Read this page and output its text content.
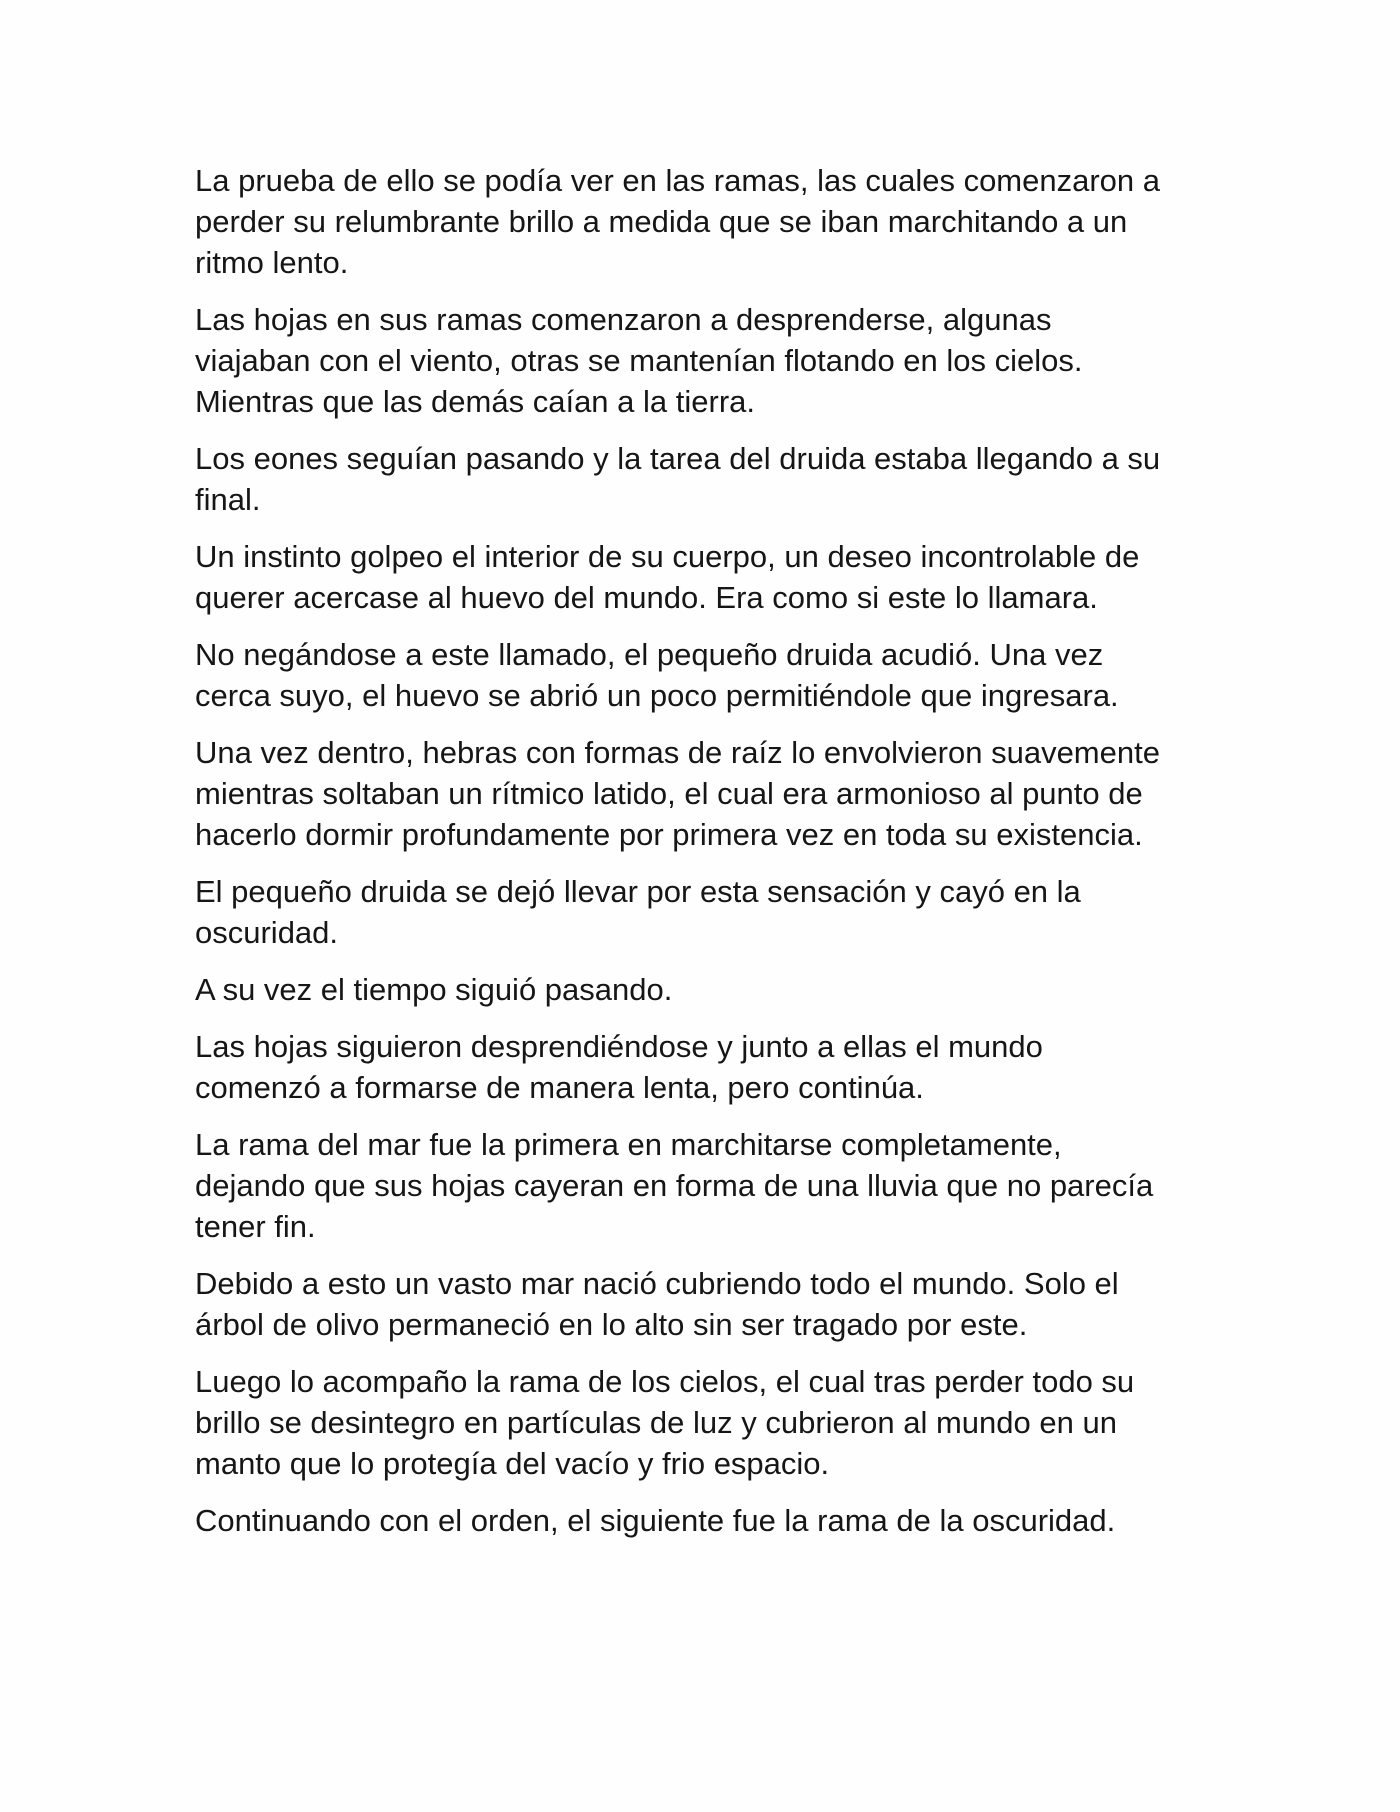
La prueba de ello se podía ver en las ramas, las cuales comenzaron a
perder su relumbrante brillo a medida que se iban marchitando a un
ritmo lento.

Las hojas en sus ramas comenzaron a desprenderse, algunas
viajaban con el viento, otras se mantenían flotando en los cielos.
Mientras que las demás caían a la tierra.

Los eones seguían pasando y la tarea del druida estaba llegando a su
final.

Un instinto golpeo el interior de su cuerpo, un deseo incontrolable de
querer acercase al huevo del mundo. Era como si este lo llamara.

No negándose a este llamado, el pequeño druida acudió. Una vez
cerca suyo, el huevo se abrió un poco permitiéndole que ingresara.

Una vez dentro, hebras con formas de raíz lo envolvieron suavemente
mientras soltaban un rítmico latido, el cual era armonioso al punto de
hacerlo dormir profundamente por primera vez en toda su existencia.

El pequeño druida se dejó llevar por esta sensación y cayó en la
oscuridad.

A su vez el tiempo siguió pasando.

Las hojas siguieron desprendiéndose y junto a ellas el mundo
comenzó a formarse de manera lenta, pero continúa.

La rama del mar fue la primera en marchitarse completamente,
dejando que sus hojas cayeran en forma de una lluvia que no parecía
tener fin.

Debido a esto un vasto mar nació cubriendo todo el mundo. Solo el
árbol de olivo permaneció en lo alto sin ser tragado por este.

Luego lo acompaño la rama de los cielos, el cual tras perder todo su
brillo se desintegro en partículas de luz y cubrieron al mundo en un
manto que lo protegía del vacío y frio espacio.

Continuando con el orden, el siguiente fue la rama de la oscuridad.
